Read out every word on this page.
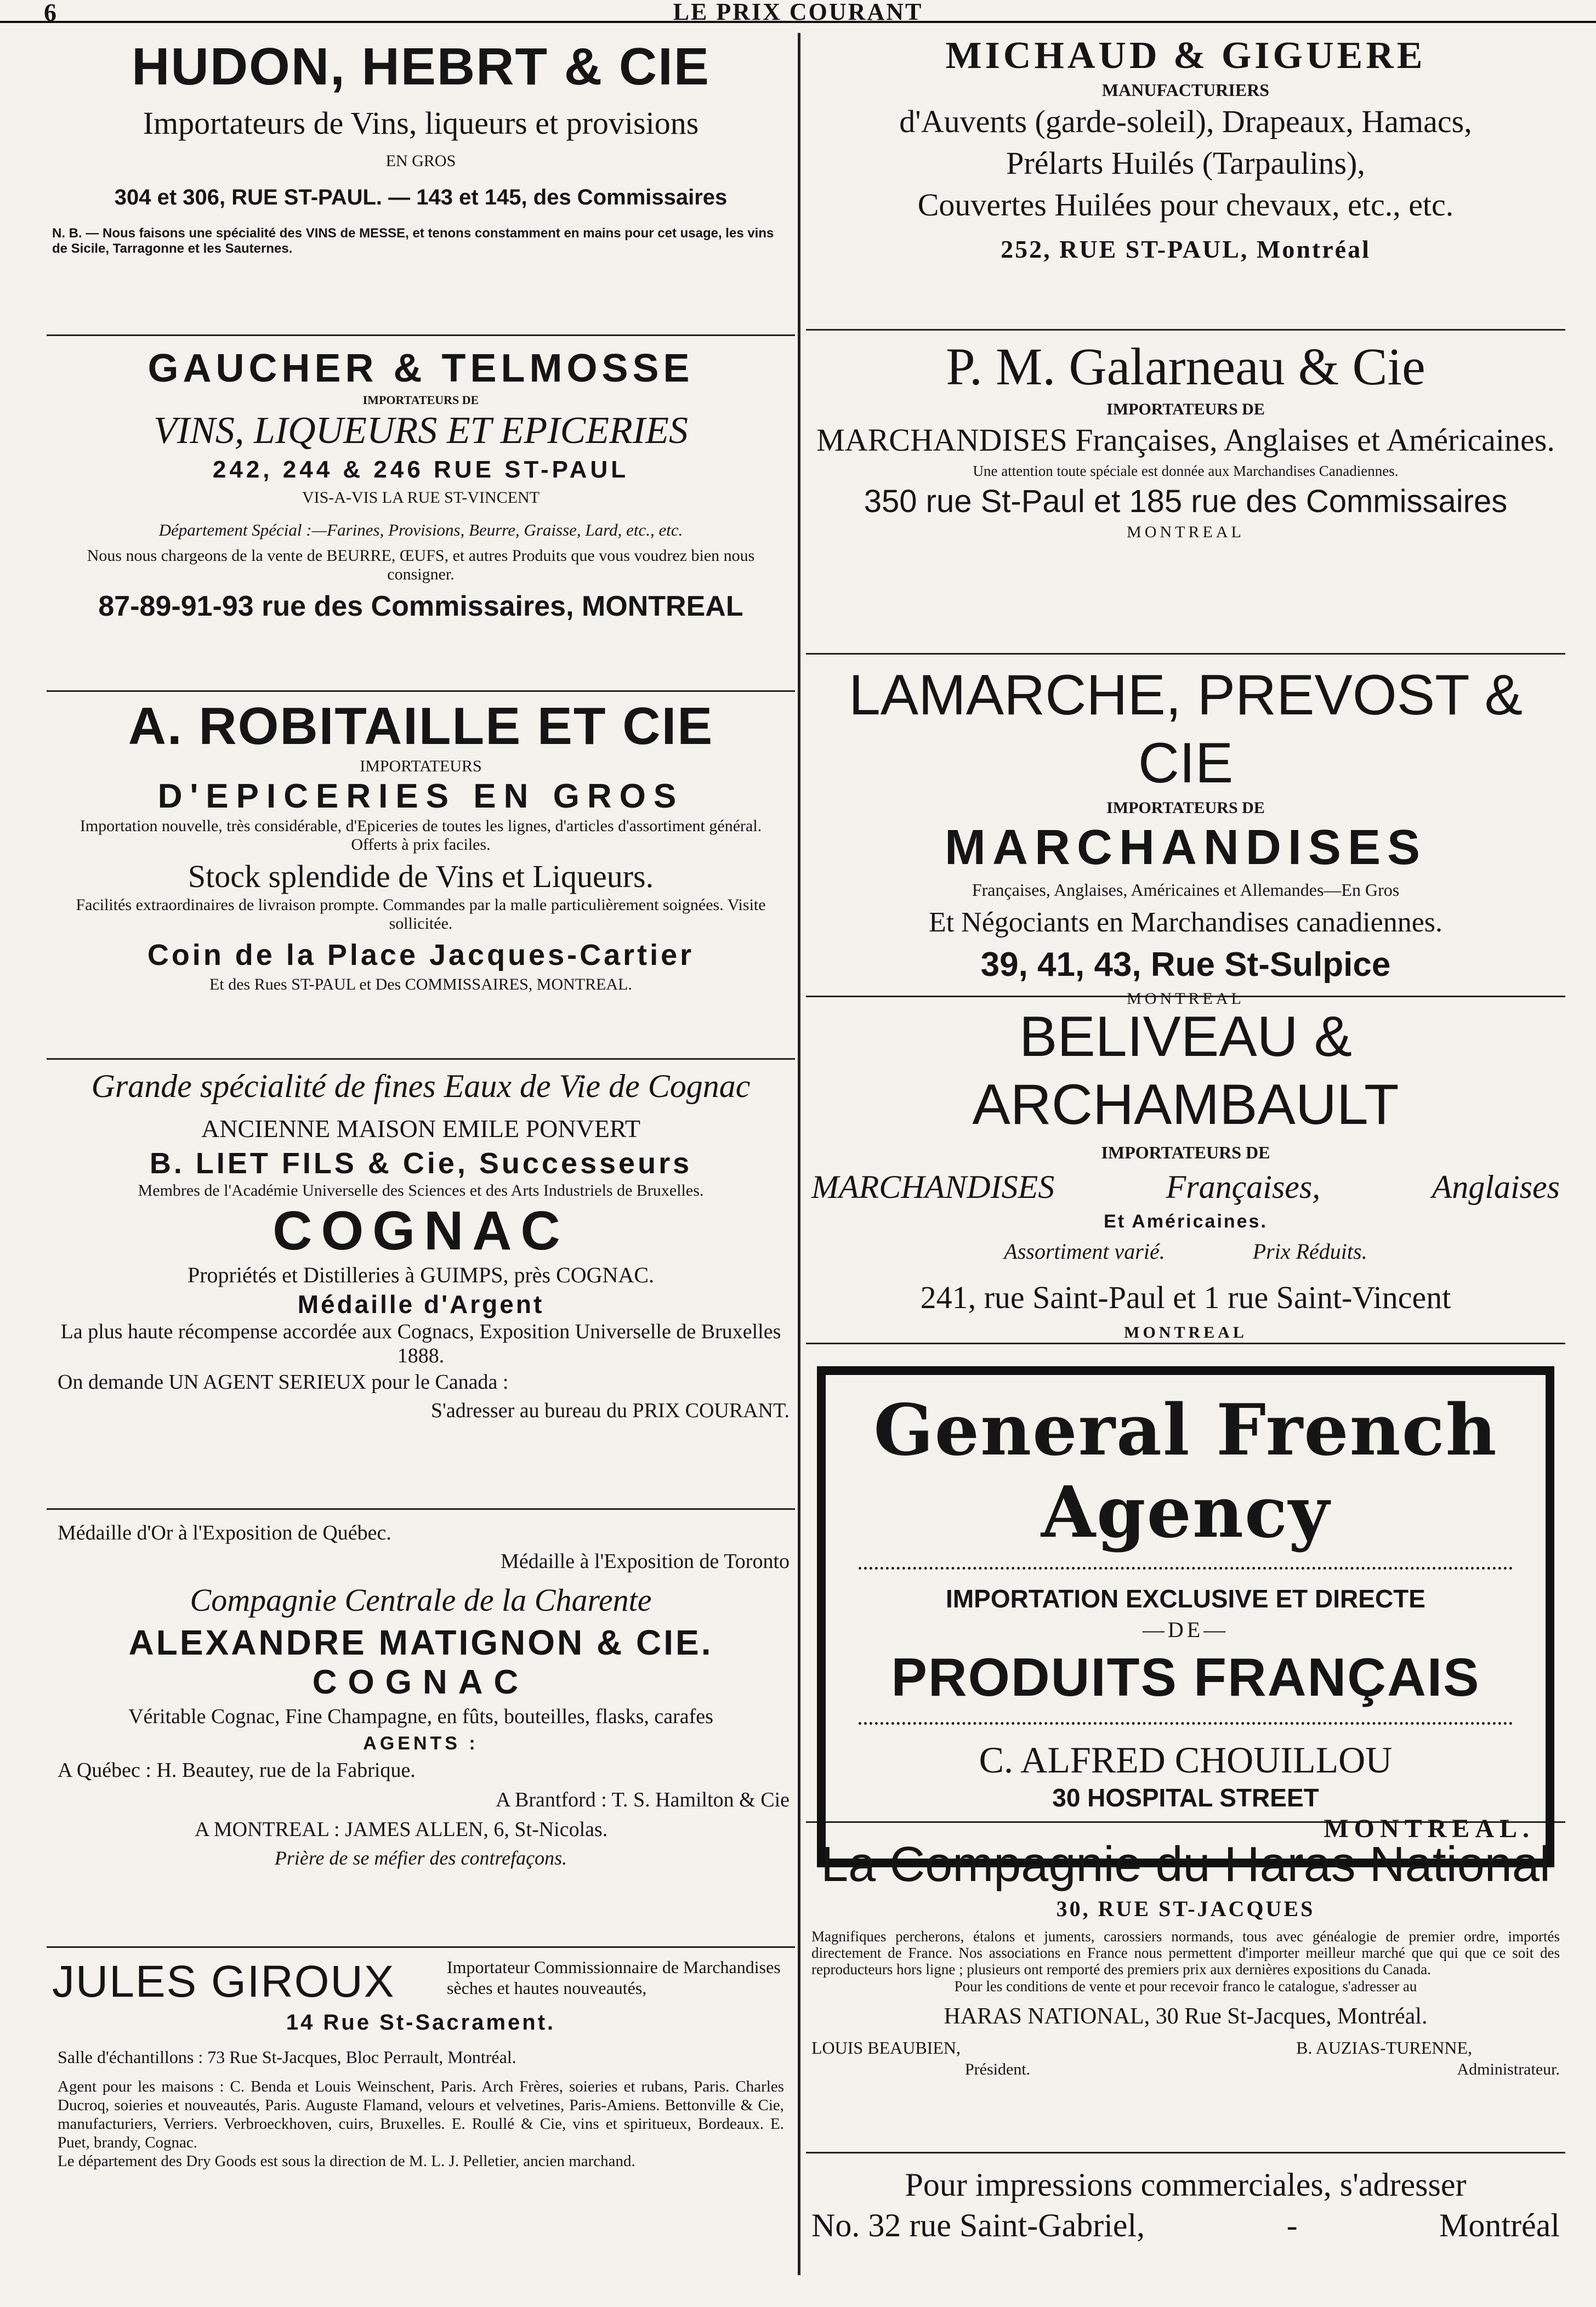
6	LE PRIX COURANT
HUDON, HEBRT & CIE
Importateurs de Vins, liqueurs et provisions
EN GROS
304 et 306, RUE ST-PAUL. — 143 et 145, des Commissaires
N. B. — Nous faisons une spécialité des VINS de MESSE, et tenons constamment en mains pour cet usage, les vins de Sicile, Tarragonne et les Sauternes.
GAUCHER & TELMOSSE
IMPORTATEURS DE
VINS, LIQUEURS ET EPICERIES
242, 244 & 246 RUE ST-PAUL
VIS-A-VIS LA RUE ST-VINCENT
Département Spécial :—Farines, Provisions, Beurre, Graisse, Lard, etc., etc.
Nous nous chargeons de la vente de BEURRE, ŒUFS, et autres Produits que vous voudrez bien nous consigner.
87-89-91-93 rue des Commissaires, MONTREAL
A. ROBITAILLE ET CIE
IMPORTATEURS
D'EPICERIES EN GROS
Importation nouvelle, très considérable, d'Epiceries de toutes les lignes, d'articles d'assortiment général. Offerts à prix faciles.
Stock splendide de Vins et Liqueurs.
Facilités extraordinaires de livraison prompte. Commandes par la malle particulièrement soignées. Visite sollicitée.
Coin de la Place Jacques-Cartier
Et des Rues ST-PAUL et Des COMMISSAIRES, MONTREAL.
Grande spécialité de fines Eaux de Vie de Cognac
ANCIENNE MAISON EMILE PONVERT
B. LIET FILS & Cie, Successeurs
Membres de l'Académie Universelle des Sciences et des Arts Industriels de Bruxelles.
COGNAC
Propriétés et Distilleries à GUIMPS, près COGNAC.
Médaille d'Argent
La plus haute récompense accordée aux Cognacs, Exposition Universelle de Bruxelles 1888.
On demande UN AGENT SERIEUX pour le Canada :
S'adresser au bureau du PRIX COURANT.
Médaille d'Or à l'Exposition de Québec.
Médaille à l'Exposition de Toronto
Compagnie Centrale de la Charente
ALEXANDRE MATIGNON & CIE.
COGNAC
Véritable Cognac, Fine Champagne, en fûts, bouteilles, flasks, carafes
AGENTS :
A Québec : H. Beautey, rue de la Fabrique.
A Brantford : T. S. Hamilton & Cie
A MONTREAL : JAMES ALLEN, 6, St-Nicolas.
Prière de se méfier des contrefaçons.
JULES GIROUX	Importateur Commissionnaire de Marchandises sèches et hautes nouveautés,
14 Rue St-Sacrament.
Salle d'échantillons : 73 Rue St-Jacques, Bloc Perrault, Montréal.
Agent pour les maisons : C. Benda et Louis Weinschent, Paris. Arch Frères, soieries et rubans, Paris. Charles Ducroq, soieries et nouveautés, Paris. Auguste Flamand, velours et velvetines, Paris-Amiens. Bettonville & Cie, manufacturiers, Verriers. Verbroeckhoven, cuirs, Bruxelles. E. Roullé & Cie, vins et spiritueux, Bordeaux. E. Puet, brandy, Cognac.
Le département des Dry Goods est sous la direction de M. L. J. Pelletier, ancien marchand.
MICHAUD & GIGUERE
MANUFACTURIERS
d'Auvents (garde-soleil), Drapeaux, Hamacs,
Prélarts Huilés (Tarpaulins),
Couvertes Huilées pour chevaux, etc., etc.
252, RUE ST-PAUL, Montréal
P. M. Galarneau & Cie
IMPORTATEURS DE
MARCHANDISES Françaises, Anglaises et Américaines.
Une attention toute spéciale est donnée aux Marchandises Canadiennes.
350 rue St-Paul et 185 rue des Commissaires
MONTREAL
LAMARCHE, PREVOST & CIE
IMPORTATEURS DE
MARCHANDISES
Françaises, Anglaises, Américaines et Allemandes—En Gros
Et Négociants en Marchandises canadiennes.
39, 41, 43, Rue St-Sulpice
MONTREAL
BELIVEAU & ARCHAMBAULT
IMPORTATEURS DE
MARCHANDISES	Françaises,	Anglaises
Et Américaines.
Assortiment varié.	Prix Réduits.
241, rue Saint-Paul et 1 rue Saint-Vincent
MONTREAL
General French Agency
IMPORTATION EXCLUSIVE ET DIRECTE
—DE—
PRODUITS FRANÇAIS
C. ALFRED CHOUILLOU
30 HOSPITAL STREET
MONTREAL.
La Compagnie du Haras National
30, RUE ST-JACQUES
Magnifiques percherons, étalons et juments, carossiers normands, tous avec généalogie de premier ordre, importés directement de France. Nos associations en France nous permettent d'importer meilleur marché que qui que ce soit des reproducteurs hors ligne ; plusieurs ont remporté des premiers prix aux dernières expositions du Canada.
Pour les conditions de vente et pour recevoir franco le catalogue, s'adresser au
HARAS NATIONAL, 30 Rue St-Jacques, Montréal.
LOUIS BEAUBIEN,
Président.
B. AUZIAS-TURENNE,
Administrateur.
Pour impressions commerciales, s'adresser
No. 32 rue Saint-Gabriel,	-	Montréal
